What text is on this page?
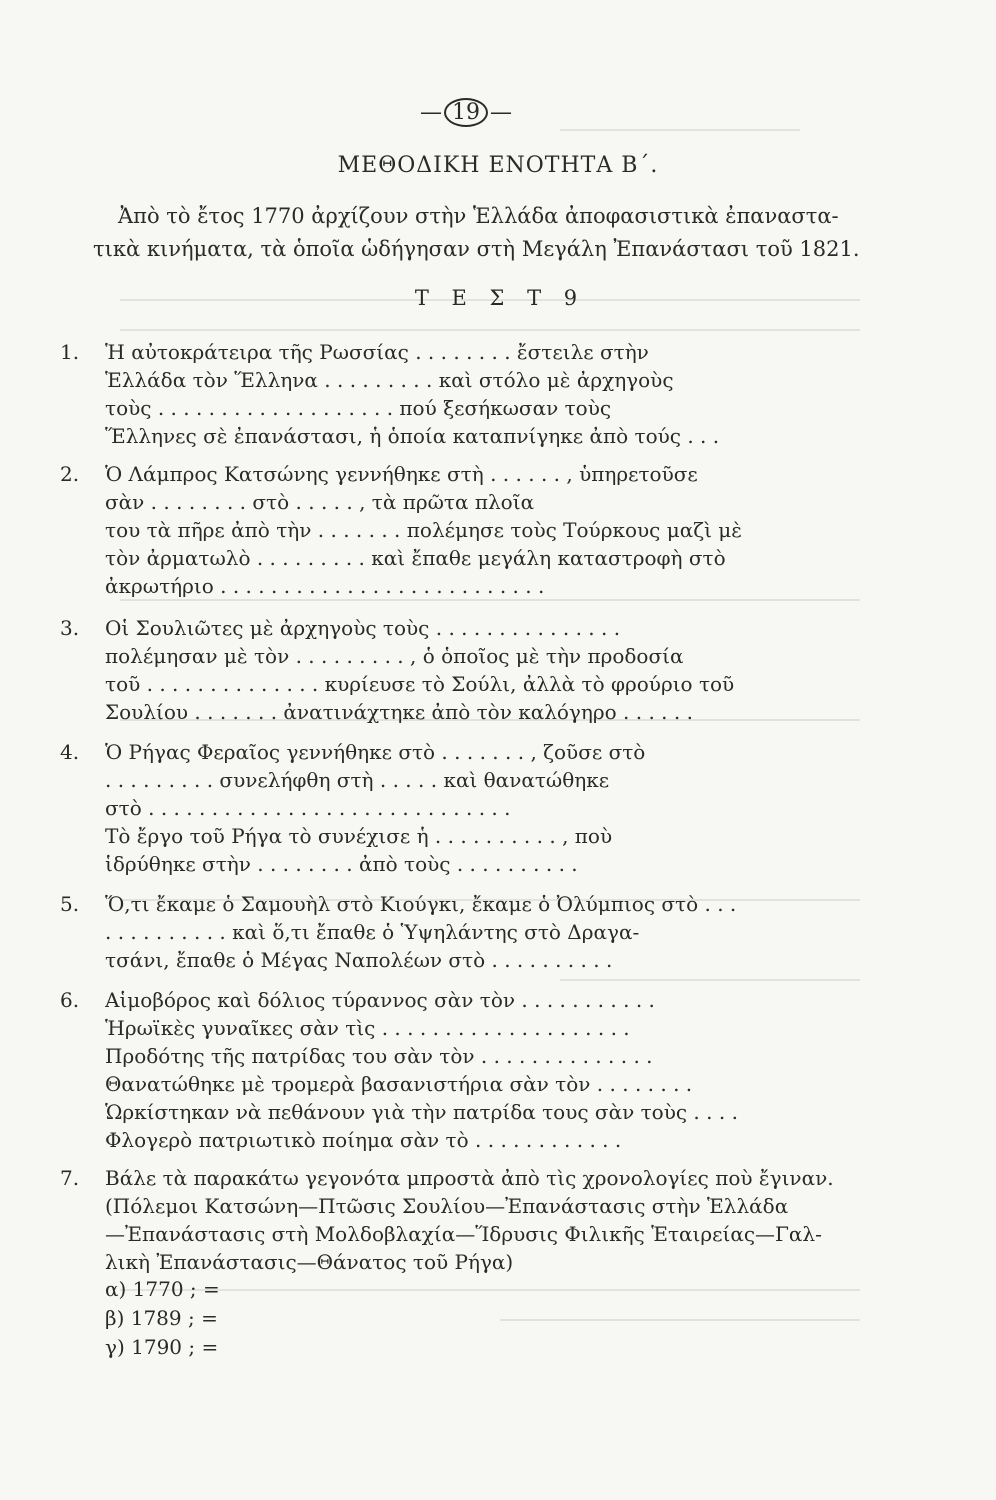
— 19 —
ΜΕΘΟΔΙΚΗ ΕΝΟΤΗΤΑ Β΄.

Ἀπὸ τὸ ἔτος 1770 ἀρχίζουν στὴν Ἑλλάδα ἀποφασιστικὰ ἐπαναστα-

τικὰ κινήματα, τὰ ὁποῖα ὡδήγησαν στὴ Μεγάλη Ἐπανάστασι τοῦ 1821.

Τ Ε Σ Τ 9
1. Ἡ αὐτοκράτειρα τῆς Ρωσσίας . . . . . . . . ἔστειλε στὴν
Ἑλλάδα τὸν Ἕλληνα . . . . . . . . . καὶ στόλο μὲ ἀρχηγοὺς
τοὺς . . . . . . . . . . . . . . . . . . . πού ξεσήκωσαν τοὺς
Ἕλληνες σὲ ἐπανάστασι, ἡ ὁποία καταπνίγηκε ἀπὸ τούς . . .
2. Ὁ Λάμπρος Κατσώνης γεννήθηκε στὴ . . . . . . , ὑπηρετοῦσε
σὰν . . . . . . . . στὸ . . . . . , τὰ πρῶτα πλοῖα
του τὰ πῆρε ἀπὸ τὴν . . . . . . . πολέμησε τοὺς Τούρκους μαζὶ μὲ
τὸν ἀρματωλὸ . . . . . . . . . καὶ ἔπαθε μεγάλη καταστροφὴ στὸ
ἀκρωτήριο . . . . . . . . . . . . . . . . . . . . . . . . . .
3. Οἱ Σουλιῶτες μὲ ἀρχηγοὺς τοὺς . . . . . . . . . . . . . . .
πολέμησαν μὲ τὸν . . . . . . . . . , ὁ ὁποῖος μὲ τὴν προδοσία
τοῦ . . . . . . . . . . . . . . κυρίευσε τὸ Σούλι, ἀλλὰ τὸ φρούριο τοῦ
Σουλίου . . . . . . . ἀνατινάχτηκε ἀπὸ τὸν καλόγηρο . . . . . .
4. Ὁ Ρήγας Φεραῖος γεννήθηκε στὸ . . . . . . . , ζοῦσε στὸ
. . . . . . . . . συνελήφθη στὴ . . . . . καὶ θανατώθηκε
στὸ . . . . . . . . . . . . . . . . . . . . . . . . . . . . .
Τὸ ἔργο τοῦ Ρήγα τὸ συνέχισε ἡ . . . . . . . . . . , ποὺ
ἱδρύθηκε στὴν . . . . . . . . ἀπὸ τοὺς . . . . . . . . . .
5. Ὅ,τι ἔκαμε ὁ Σαμουὴλ στὸ Κιούγκι, ἔκαμε ὁ Ὀλύμπιος στὸ . . .
. . . . . . . . . . καὶ ὅ,τι ἔπαθε ὁ Ὑψηλάντης στὸ Δραγα-
τσάνι, ἔπαθε ὁ Μέγας Ναπολέων στὸ . . . . . . . . . .
6. Αἱμοβόρος καὶ δόλιος τύραννος σὰν τὸν . . . . . . . . . . .
Ἡρωϊκὲς γυναῖκες σὰν τὶς . . . . . . . . . . . . . . . . . . . .
Προδότης τῆς πατρίδας του σὰν τὸν . . . . . . . . . . . . . .
Θανατώθηκε μὲ τρομερὰ βασανιστήρια σὰν τὸν . . . . . . . .
Ὡρκίστηκαν νὰ πεθάνουν γιὰ τὴν πατρίδα τους σὰν τοὺς . . . .
Φλογερὸ πατριωτικὸ ποίημα σὰν τὸ . . . . . . . . . . . .
7. Βάλε τὰ παρακάτω γεγονότα μπροστὰ ἀπὸ τὶς χρονολογίες ποὺ ἔγιναν.
(Πόλεμοι Κατσώνη—Πτῶσις Σουλίου—Ἐπανάστασις στὴν Ἑλλάδα
—Ἐπανάστασις στὴ Μολδοβλαχία—Ἵδρυσις Φιλικῆς Ἑταιρείας—Γαλ-
λικὴ Ἐπανάστασις—Θάνατος τοῦ Ρήγα)
α) 1770 ; =
β) 1789 ; =
γ) 1790 ; =
